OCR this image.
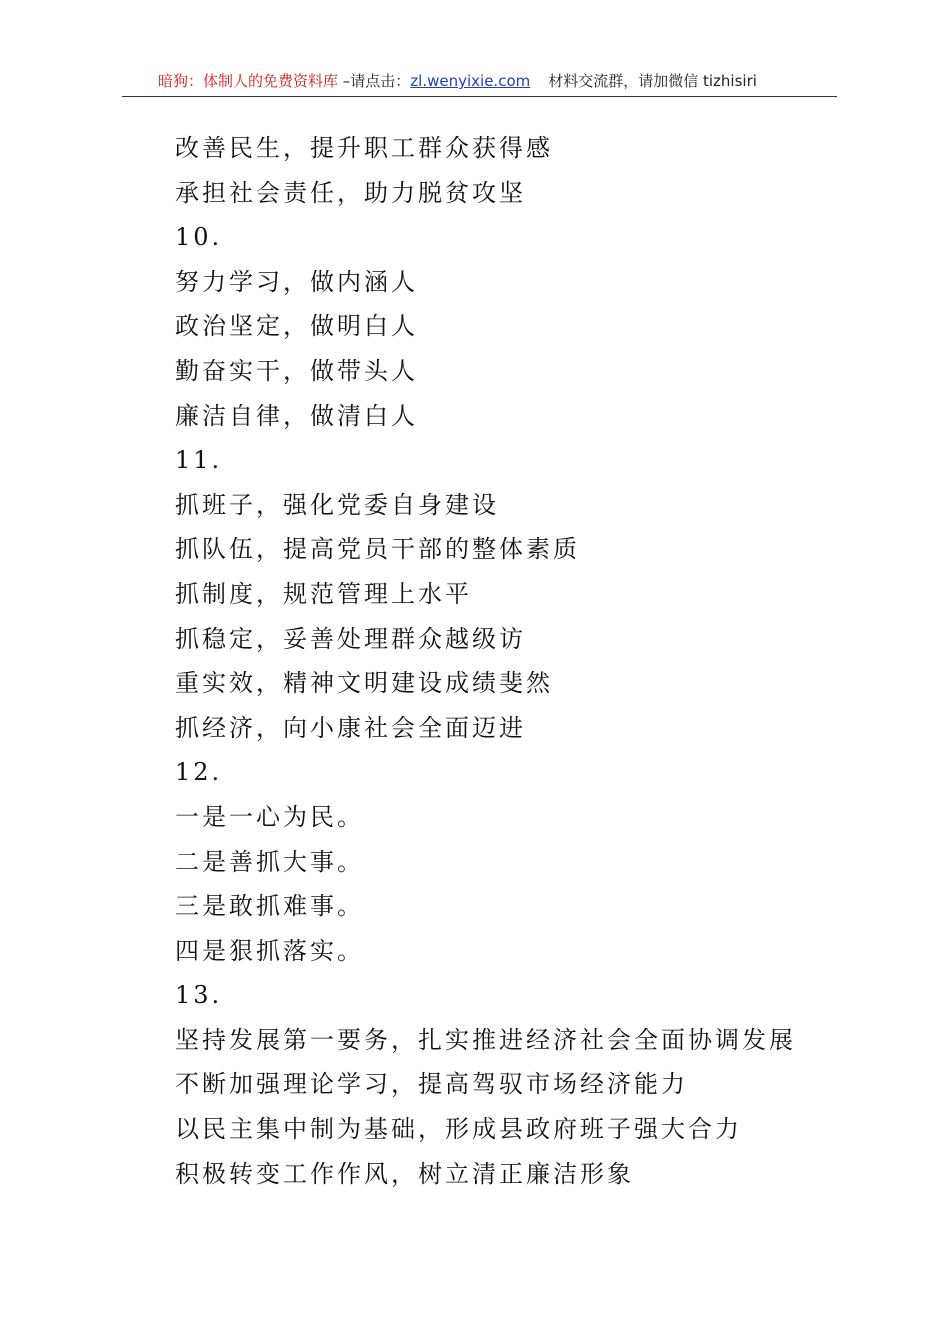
暗狗：体制人的免费资料库 –请点击：zl.wenyixie.com 材料交流群，请加微信 tizhisiri
改善民生，提升职工群众获得感
承担社会责任，助力脱贫攻坚
10.
努力学习，做内涵人
政治坚定，做明白人
勤奋实干，做带头人
廉洁自律，做清白人
11.
抓班子，强化党委自身建设
抓队伍，提高党员干部的整体素质
抓制度，规范管理上水平
抓稳定，妥善处理群众越级访
重实效，精神文明建设成绩斐然
抓经济，向小康社会全面迈进
12.
一是一心为民。
二是善抓大事。
三是敢抓难事。
四是狠抓落实。
13.
坚持发展第一要务，扎实推进经济社会全面协调发展
不断加强理论学习，提高驾驭市场经济能力
以民主集中制为基础，形成县政府班子强大合力
积极转变工作作风，树立清正廉洁形象
